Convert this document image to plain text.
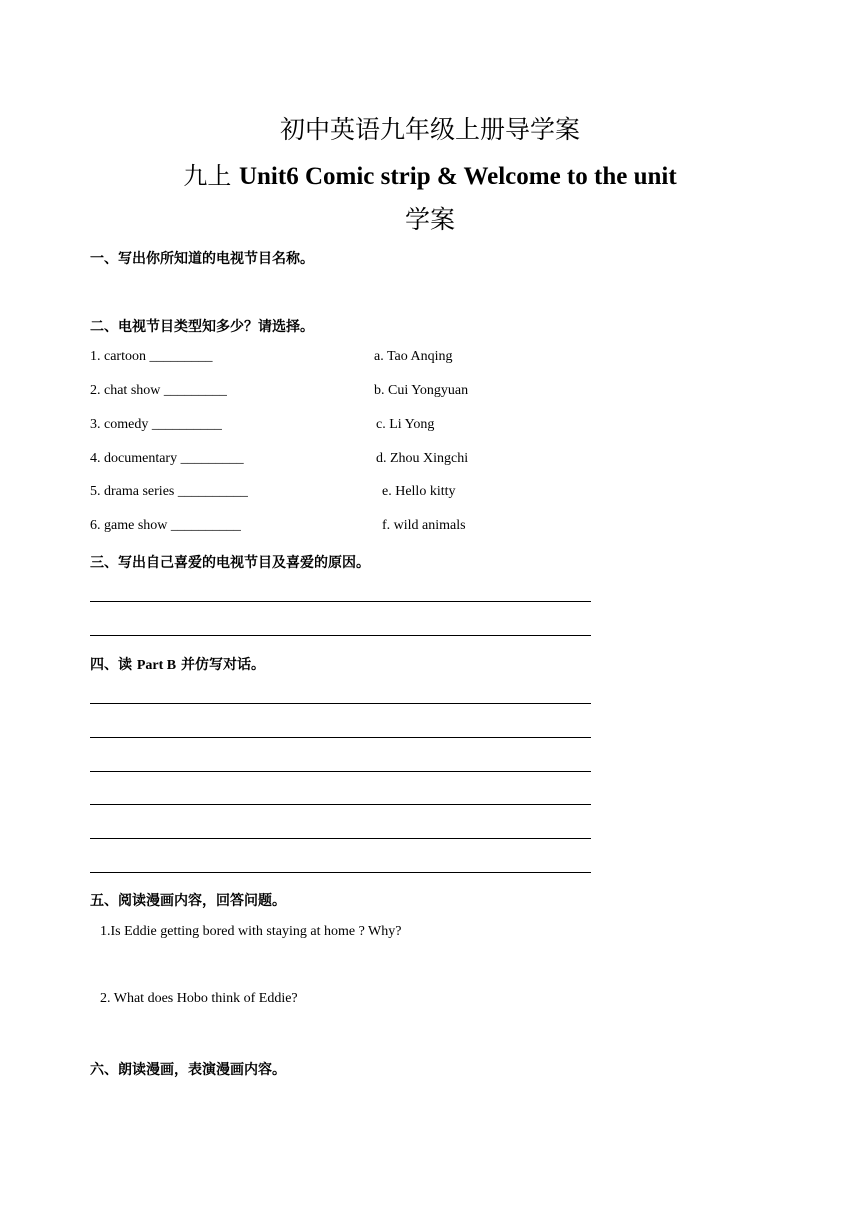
初中英语九年级上册导学案
九上 Unit6 Comic strip & Welcome to the unit
学案
一、写出你所知道的电视节目名称。
二、电视节目类型知多少？请选择。
1. cartoon _________
2. chat show _________
3. comedy __________
4. documentary _________
5. drama series __________
6. game show __________
a. Tao Anqing
b. Cui Yongyuan
c. Li Yong
d. Zhou Xingchi
e. Hello kitty
f. wild animals
三、写出自己喜爱的电视节目及喜爱的原因。
四、读 Part B 并仿写对话。
五、阅读漫画内容，回答问题。
1.Is Eddie getting bored with staying at home ? Why?
2. What does Hobo think of Eddie?
六、朗读漫画，表演漫画内容。
